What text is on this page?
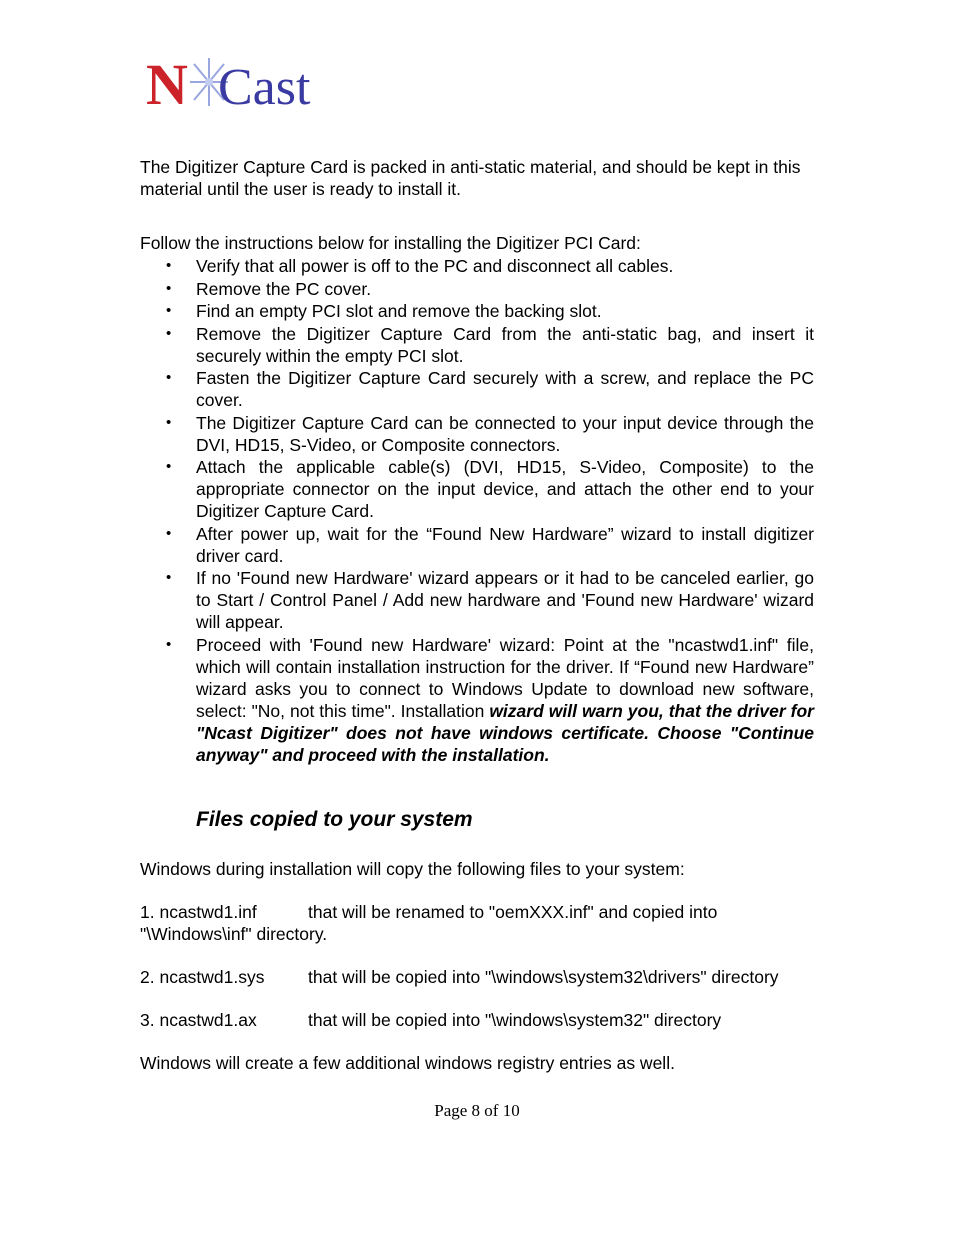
N Cast

The Digitizer Capture Card is packed in anti-static material, and should be kept in this material until the user is ready to install it.

Follow the instructions below for installing the Digitizer PCI Card:

• Verify that all power is off to the PC and disconnect all cables.
• Remove the PC cover.
• Find an empty PCI slot and remove the backing slot.
• Remove the Digitizer Capture Card from the anti-static bag, and insert it securely within the empty PCI slot.
• Fasten the Digitizer Capture Card securely with a screw, and replace the PC cover.
• The Digitizer Capture Card can be connected to your input device through the DVI, HD15, S-Video, or Composite connectors.
• Attach the applicable cable(s) (DVI, HD15, S-Video, Composite) to the appropriate connector on the input device, and attach the other end to your Digitizer Capture Card.
• After power up, wait for the “Found New Hardware” wizard to install digitizer driver card.
• If no 'Found new Hardware' wizard appears or it had to be canceled earlier, go to Start / Control Panel / Add new hardware and 'Found new Hardware' wizard will appear.
• Proceed with 'Found new Hardware' wizard: Point at the "ncastwd1.inf" file, which will contain installation instruction for the driver. If “Found new Hardware” wizard asks you to connect to Windows Update to download new software, select: "No, not this time". Installation wizard will warn you, that the driver for "Ncast Digitizer" does not have windows certificate. Choose "Continue anyway" and proceed with the installation.
Files copied to your system

Windows during installation will copy the following files to your system:

1. ncastwd1.inf	that will be renamed to "oemXXX.inf" and copied into
"\Windows\inf" directory.
2. ncastwd1.sys that will be copied into "\windows\system32\drivers" directory
3. ncastwd1.ax	that will be copied into "\windows\system32" directory

Windows will create a few additional windows registry entries as well.

Page 8 of 10
